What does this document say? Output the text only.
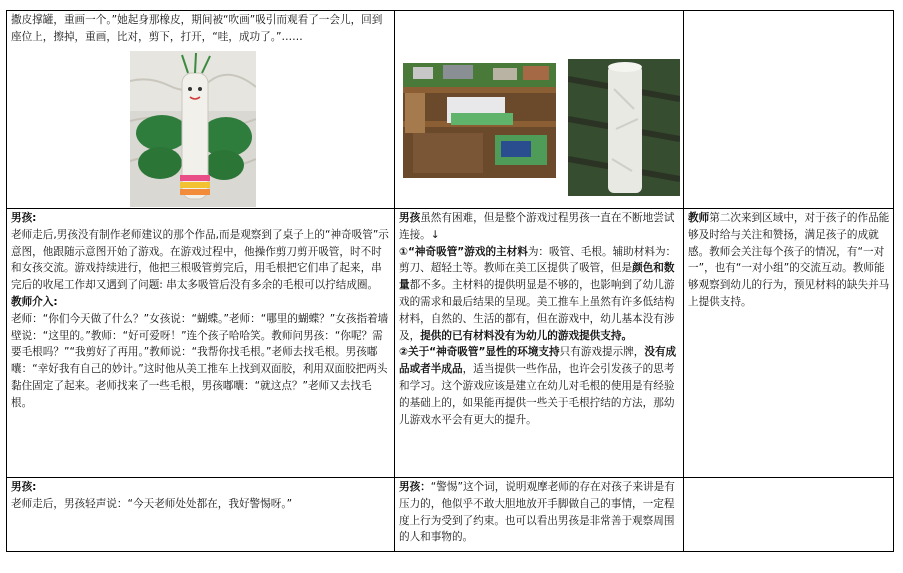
撒皮撑罐，重画一个。”她起身那橡皮，期间被“吹画”吸引而观看了一会儿，回到座位上，擦掉，重画，比对，剪下，打开，“哇，成功了。”……

男孩:

老师走后,男孩没有制作老师建议的那个作品,而是观察到了桌子上的“神奇吸管”示意图，他跟随示意图开始了游戏。在游戏过程中，他操作剪刀剪开吸管，时不时和女孩交流。游戏持续进行，他把三根吸管剪完后，用毛根把它们串了起来，串完后的收尾工作却又遇到了问题: 串太多吸管后没有多余的毛根可以拧结成圈。

教师介入:

老师：“你们今天做了什么？”女孩说：“蝴蝶。”老师：“哪里的蝴蝶？”女孩指着墙壁说：“这里的。”教师：“好可爱呀！”连个孩子哈哈笑。教师问男孩：“你呢？需要毛根吗？”“我剪好了再用。”教师说：“我帮你找毛根。”老师去找毛根。男孩嘟囔：“幸好我有自己的妙计。”这时他从美工推车上找到双面胶，利用双面胶把两头黏住固定了起来。老师找来了一些毛根，男孩嘟囔：“就这点？”老师又去找毛根。

男孩虽然有困难，但是整个游戏过程男孩一直在不断地尝试连接。↓

①“神奇吸管”游戏的主材料为：吸管、毛根。辅助材料为：剪刀、超轻土等。教师在美工区提供了吸管，但是颜色和数量都不多。主材料的提供明显是不够的，也影响到了幼儿游戏的需求和最后结果的呈现。美工推车上虽然有许多低结构材料，自然的、生活的都有，但在游戏中，幼儿基本没有涉及，提供的已有材料没有为幼儿的游戏提供支持。

②关于“神奇吸管”显性的环境支持只有游戏提示牌，没有成品或者半成品，适当提供一些作品，也许会引发孩子的思考和学习。这个游戏应该是建立在幼儿对毛根的使用是有经验的基础上的，如果能再提供一些关于毛根拧结的方法，那幼儿游戏水平会有更大的提升。

教师第二次来到区域中，对于孩子的作品能够及时给与关注和赞扬，满足孩子的成就感。教师会关注每个孩子的情况，有“一对一”，也有“一对小组”的交流互动。教师能够观察到幼儿的行为，预见材料的缺失并马上提供支持。

男孩:

老师走后，男孩轻声说：“今天老师处处都在，我好警惕呀。”

男孩：“警惕”这个词，说明观摩老师的存在对孩子来讲是有压力的，他似乎不敢大胆地放开手脚做自己的事情，一定程度上行为受到了约束。也可以看出男孩是非常善于观察周围的人和事物的。
